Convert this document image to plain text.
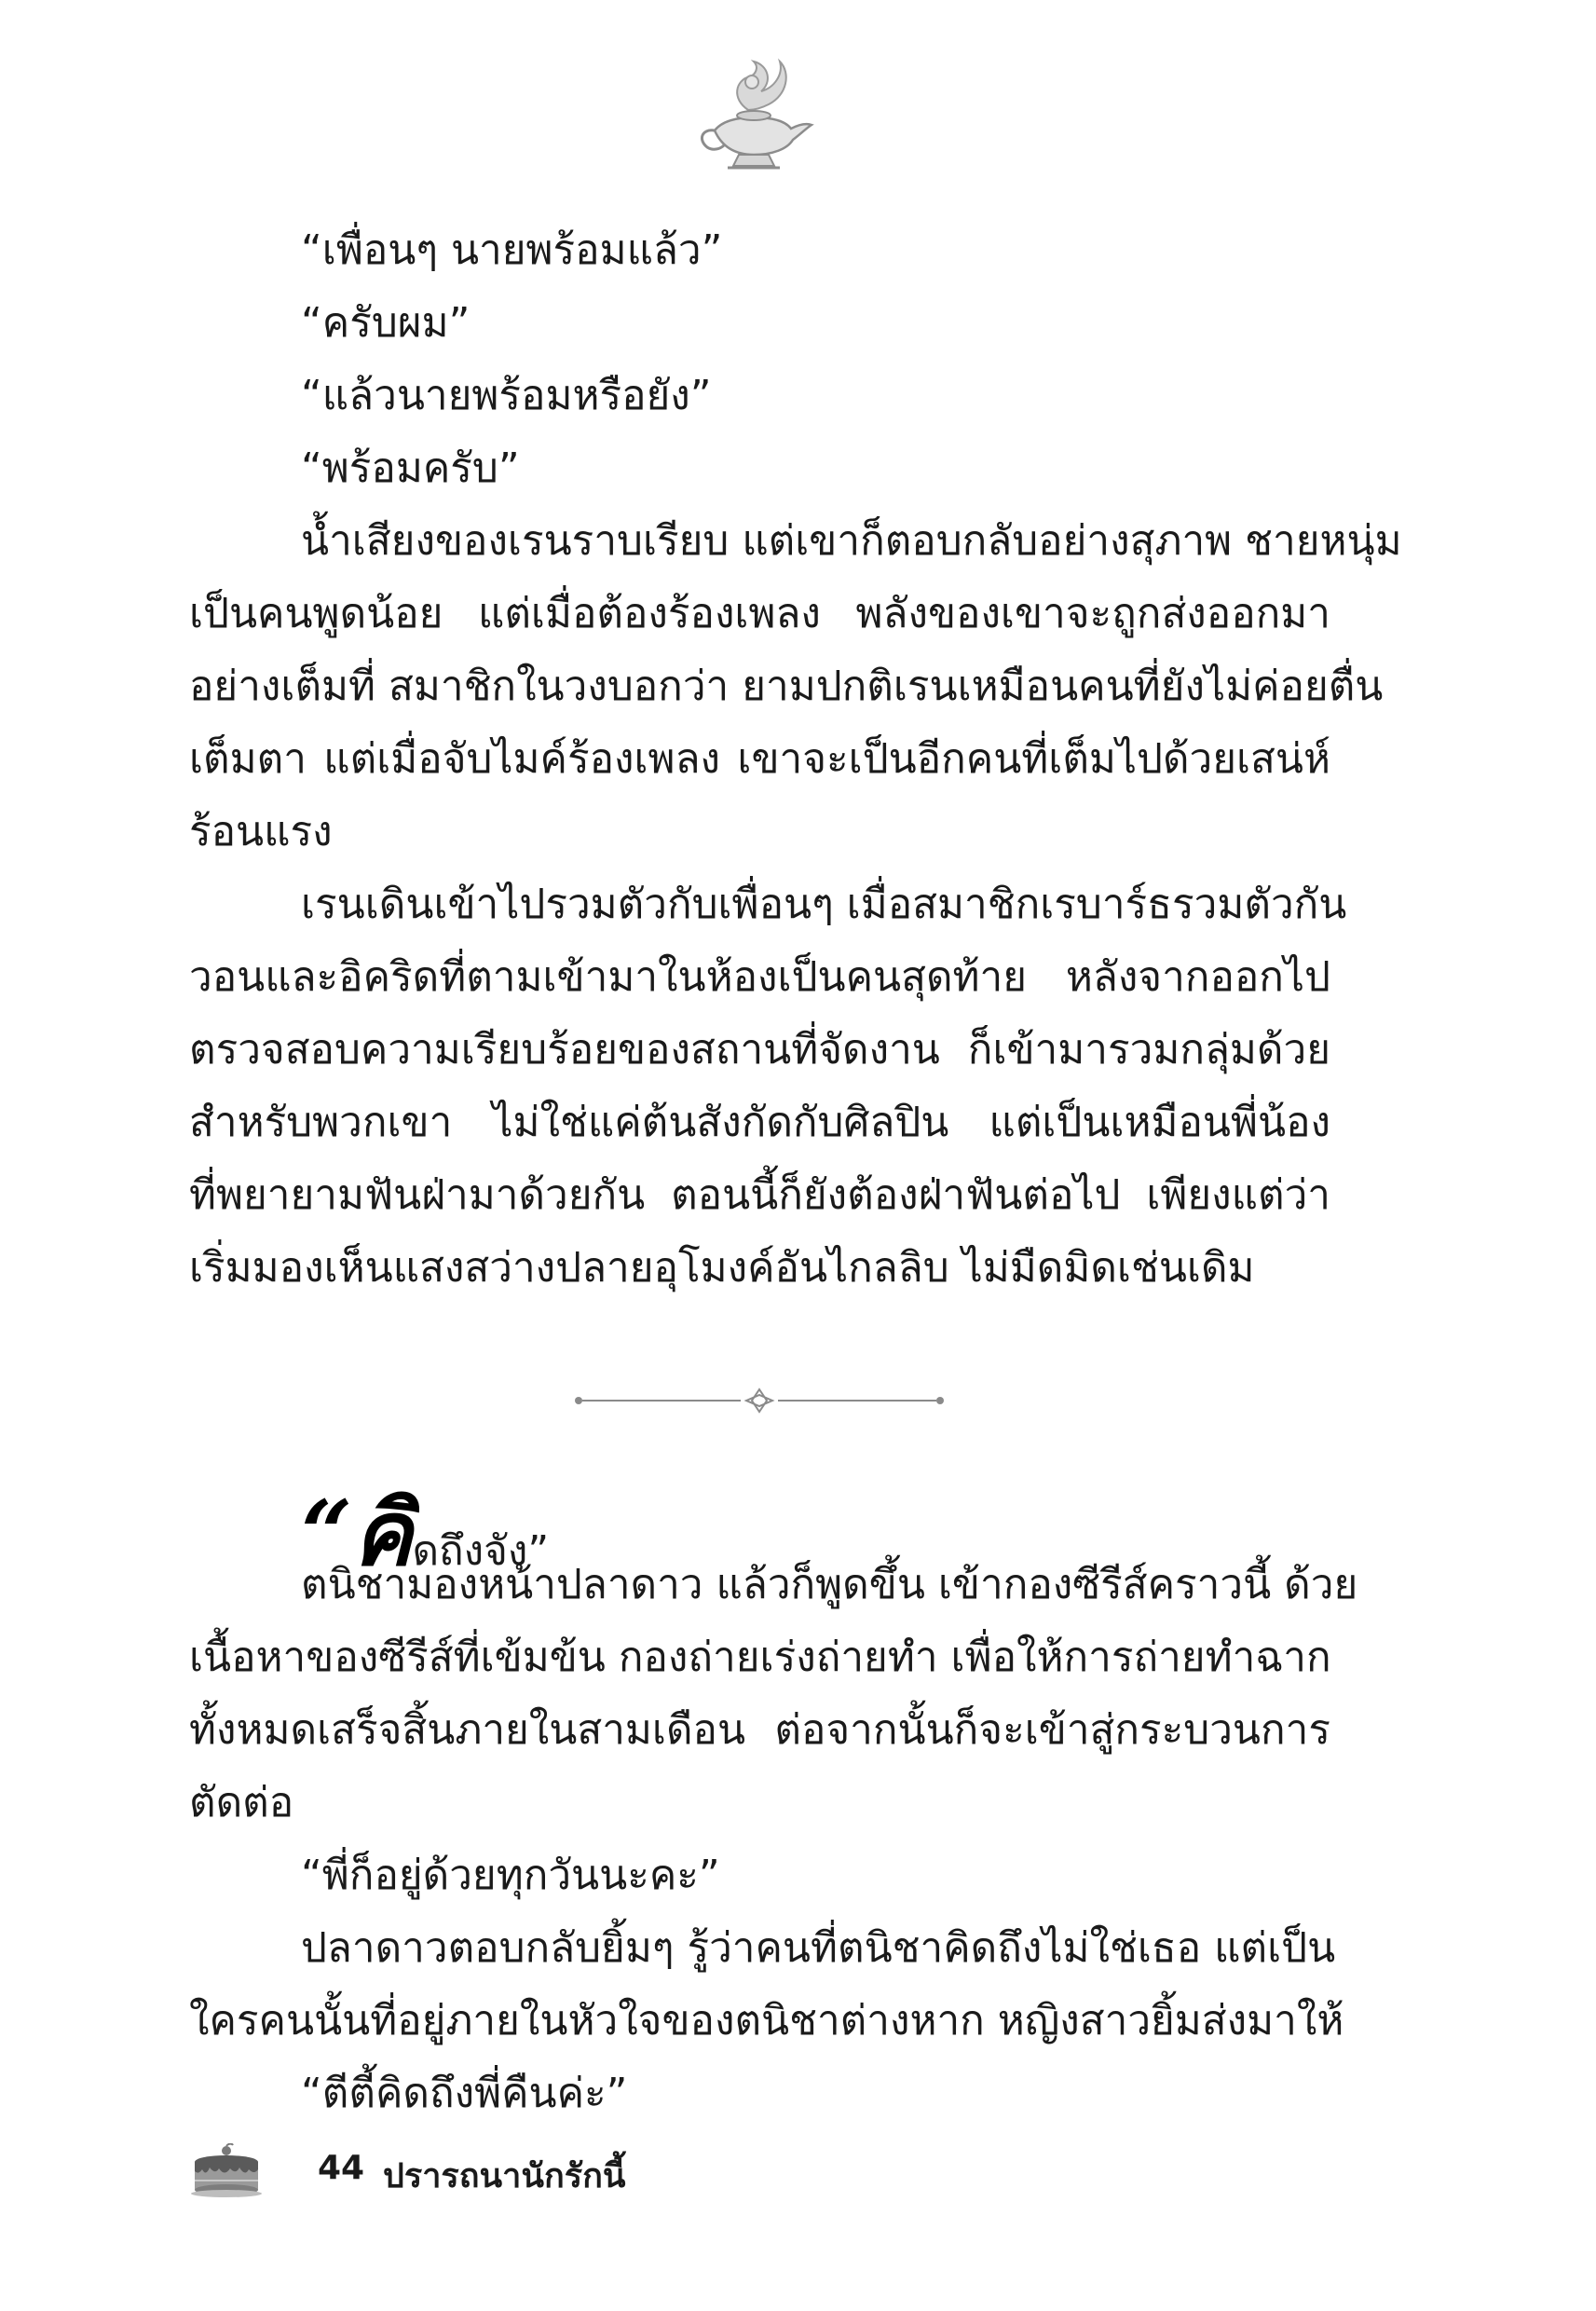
“เพื่อนๆ นายพร้อมแล้ว”
“ครับผม”
“แล้วนายพร้อมหรือยัง”
“พร้อมครับ”
น้ำเสียงของเรนราบเรียบ แต่เขาก็ตอบกลับอย่างสุภาพ ชายหนุ่ม
เป็นคนพูดน้อย แต่เมื่อต้องร้องเพลง พลังของเขาจะถูกส่งออกมา
อย่างเต็มที่ สมาชิกในวงบอกว่า ยามปกติเรนเหมือนคนที่ยังไม่ค่อยตื่น
เต็มตา แต่เมื่อจับไมค์ร้องเพลง เขาจะเป็นอีกคนที่เต็มไปด้วยเสน่ห์
ร้อนแรง
เรนเดินเข้าไปรวมตัวกับเพื่อนๆ เมื่อสมาชิกเรบาร์ธรวมตัวกัน
วอนและอิคริดที่ตามเข้ามาในห้องเป็นคนสุดท้าย หลังจากออกไป
ตรวจสอบความเรียบร้อยของสถานที่จัดงาน ก็เข้ามารวมกลุ่มด้วย
สำหรับพวกเขา ไม่ใช่แค่ต้นสังกัดกับศิลปิน แต่เป็นเหมือนพี่น้อง
ที่พยายามฟันฝ่ามาด้วยกัน ตอนนี้ก็ยังต้องฝ่าฟันต่อไป เพียงแต่ว่า
เริ่มมองเห็นแสงสว่างปลายอุโมงค์อันไกลลิบ ไม่มืดมิดเช่นเดิม
“คิดถึงจัง”
ตนิชามองหน้าปลาดาว แล้วก็พูดขึ้น เข้ากองซีรีส์คราวนี้ ด้วย
เนื้อหาของซีรีส์ที่เข้มข้น กองถ่ายเร่งถ่ายทำ เพื่อให้การถ่ายทำฉาก
ทั้งหมดเสร็จสิ้นภายในสามเดือน ต่อจากนั้นก็จะเข้าสู่กระบวนการ
ตัดต่อ
“พี่ก็อยู่ด้วยทุกวันนะคะ”
ปลาดาวตอบกลับยิ้มๆ รู้ว่าคนที่ตนิชาคิดถึงไม่ใช่เธอ แต่เป็น
ใครคนนั้นที่อยู่ภายในหัวใจของตนิชาต่างหาก หญิงสาวยิ้มส่งมาให้
“ตีตี้คิดถึงพี่คืนค่ะ”
44 ปรารถนานักรักนี้
